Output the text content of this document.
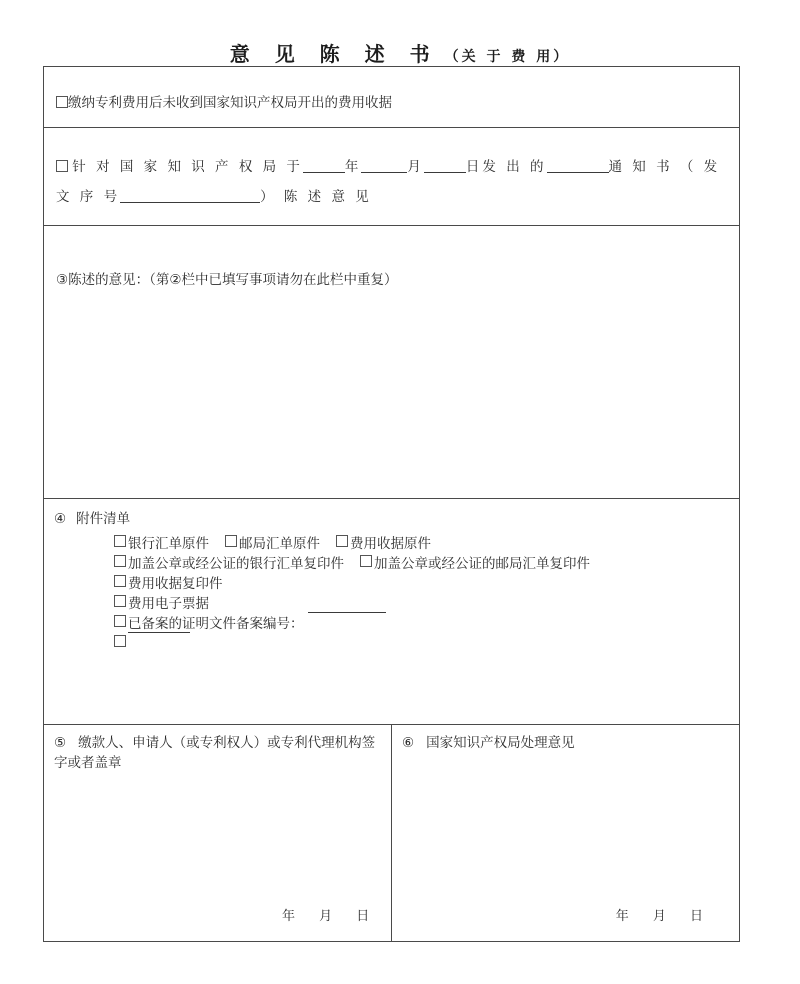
意 见 陈 述 书 （关 于 费 用）
缴纳专利费用后未收到国家知识产权局开出的费用收据
针 对 国 家 知 识 产 权 局 于	年	月	日发 出 的	通 知 书 （ 发 文 序 号	） 陈 述 意 见
③陈述的意见：（第②栏中已填写事项请勿在此栏中重复）
④ 附件清单
银行汇单原件 邮局汇单原件 费用收据原件
加盖公章或经公证的银行汇单复印件 加盖公章或经公证的邮局汇单复印件
费用收据复印件
费用电子票据
已备案的证明文件备案编号：
⑤ 缴款人、申请人（或专利权人）或专利代理机构签字或者盖章
年 月 日
⑥ 国家知识产权局处理意见
年 月 日
